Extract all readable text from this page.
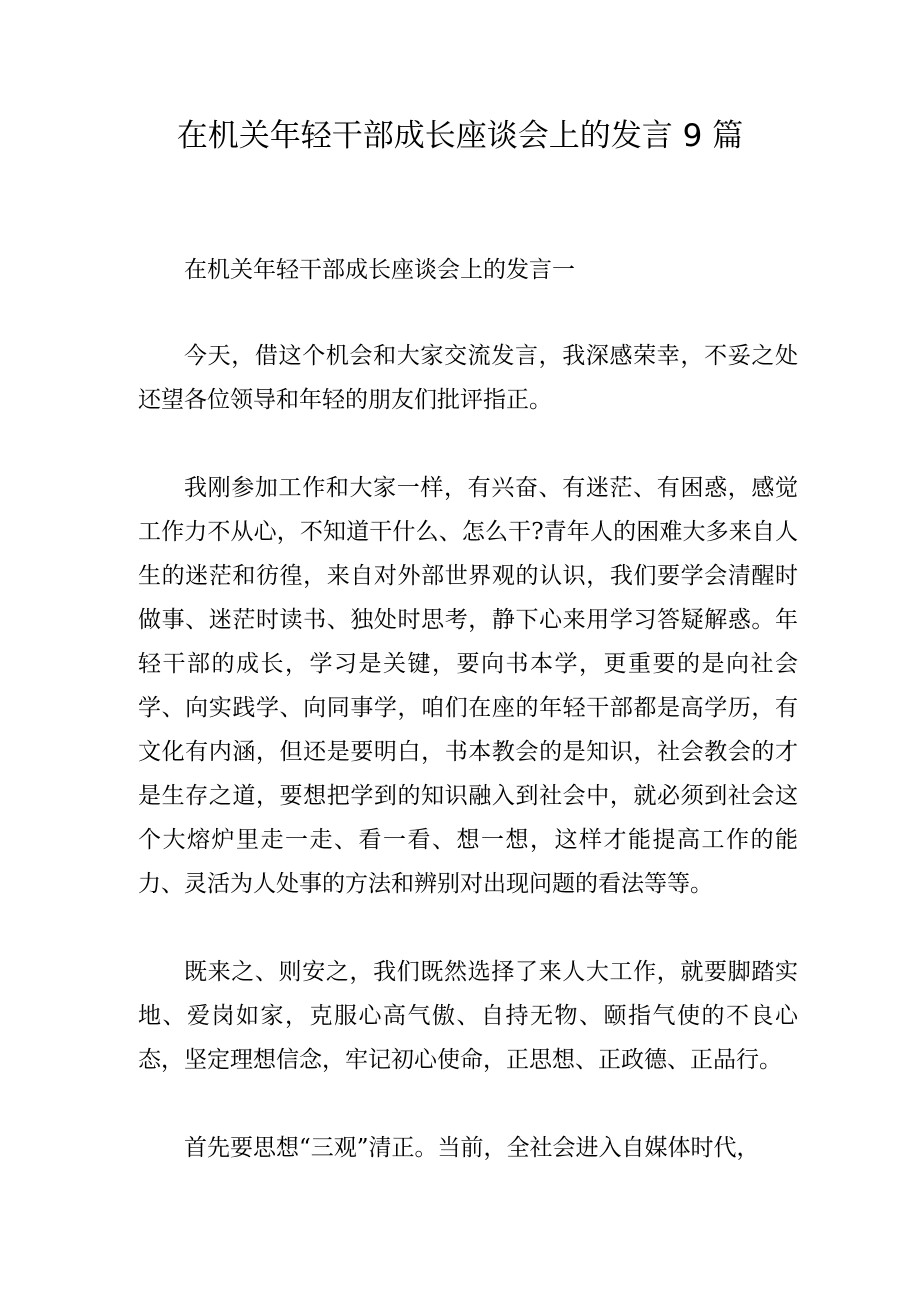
在机关年轻干部成长座谈会上的发言 9 篇

在机关年轻干部成长座谈会上的发言一

今天，借这个机会和大家交流发言，我深感荣幸，不妥之处还望各位领导和年轻的朋友们批评指正。

我刚参加工作和大家一样，有兴奋、有迷茫、有困惑，感觉工作力不从心，不知道干什么、怎么干?青年人的困难大多来自人生的迷茫和彷徨，来自对外部世界观的认识，我们要学会清醒时做事、迷茫时读书、独处时思考，静下心来用学习答疑解惑。年轻干部的成长，学习是关键，要向书本学，更重要的是向社会学、向实践学、向同事学，咱们在座的年轻干部都是高学历，有文化有内涵，但还是要明白，书本教会的是知识，社会教会的才是生存之道，要想把学到的知识融入到社会中，就必须到社会这个大熔炉里走一走、看一看、想一想，这样才能提高工作的能力、灵活为人处事的方法和辨别对出现问题的看法等等。

既来之、则安之，我们既然选择了来人大工作，就要脚踏实地、爱岗如家，克服心高气傲、自持无物、颐指气使的不良心态，坚定理想信念，牢记初心使命，正思想、正政德、正品行。

首先要思想“三观”清正。当前，全社会进入自媒体时代，
